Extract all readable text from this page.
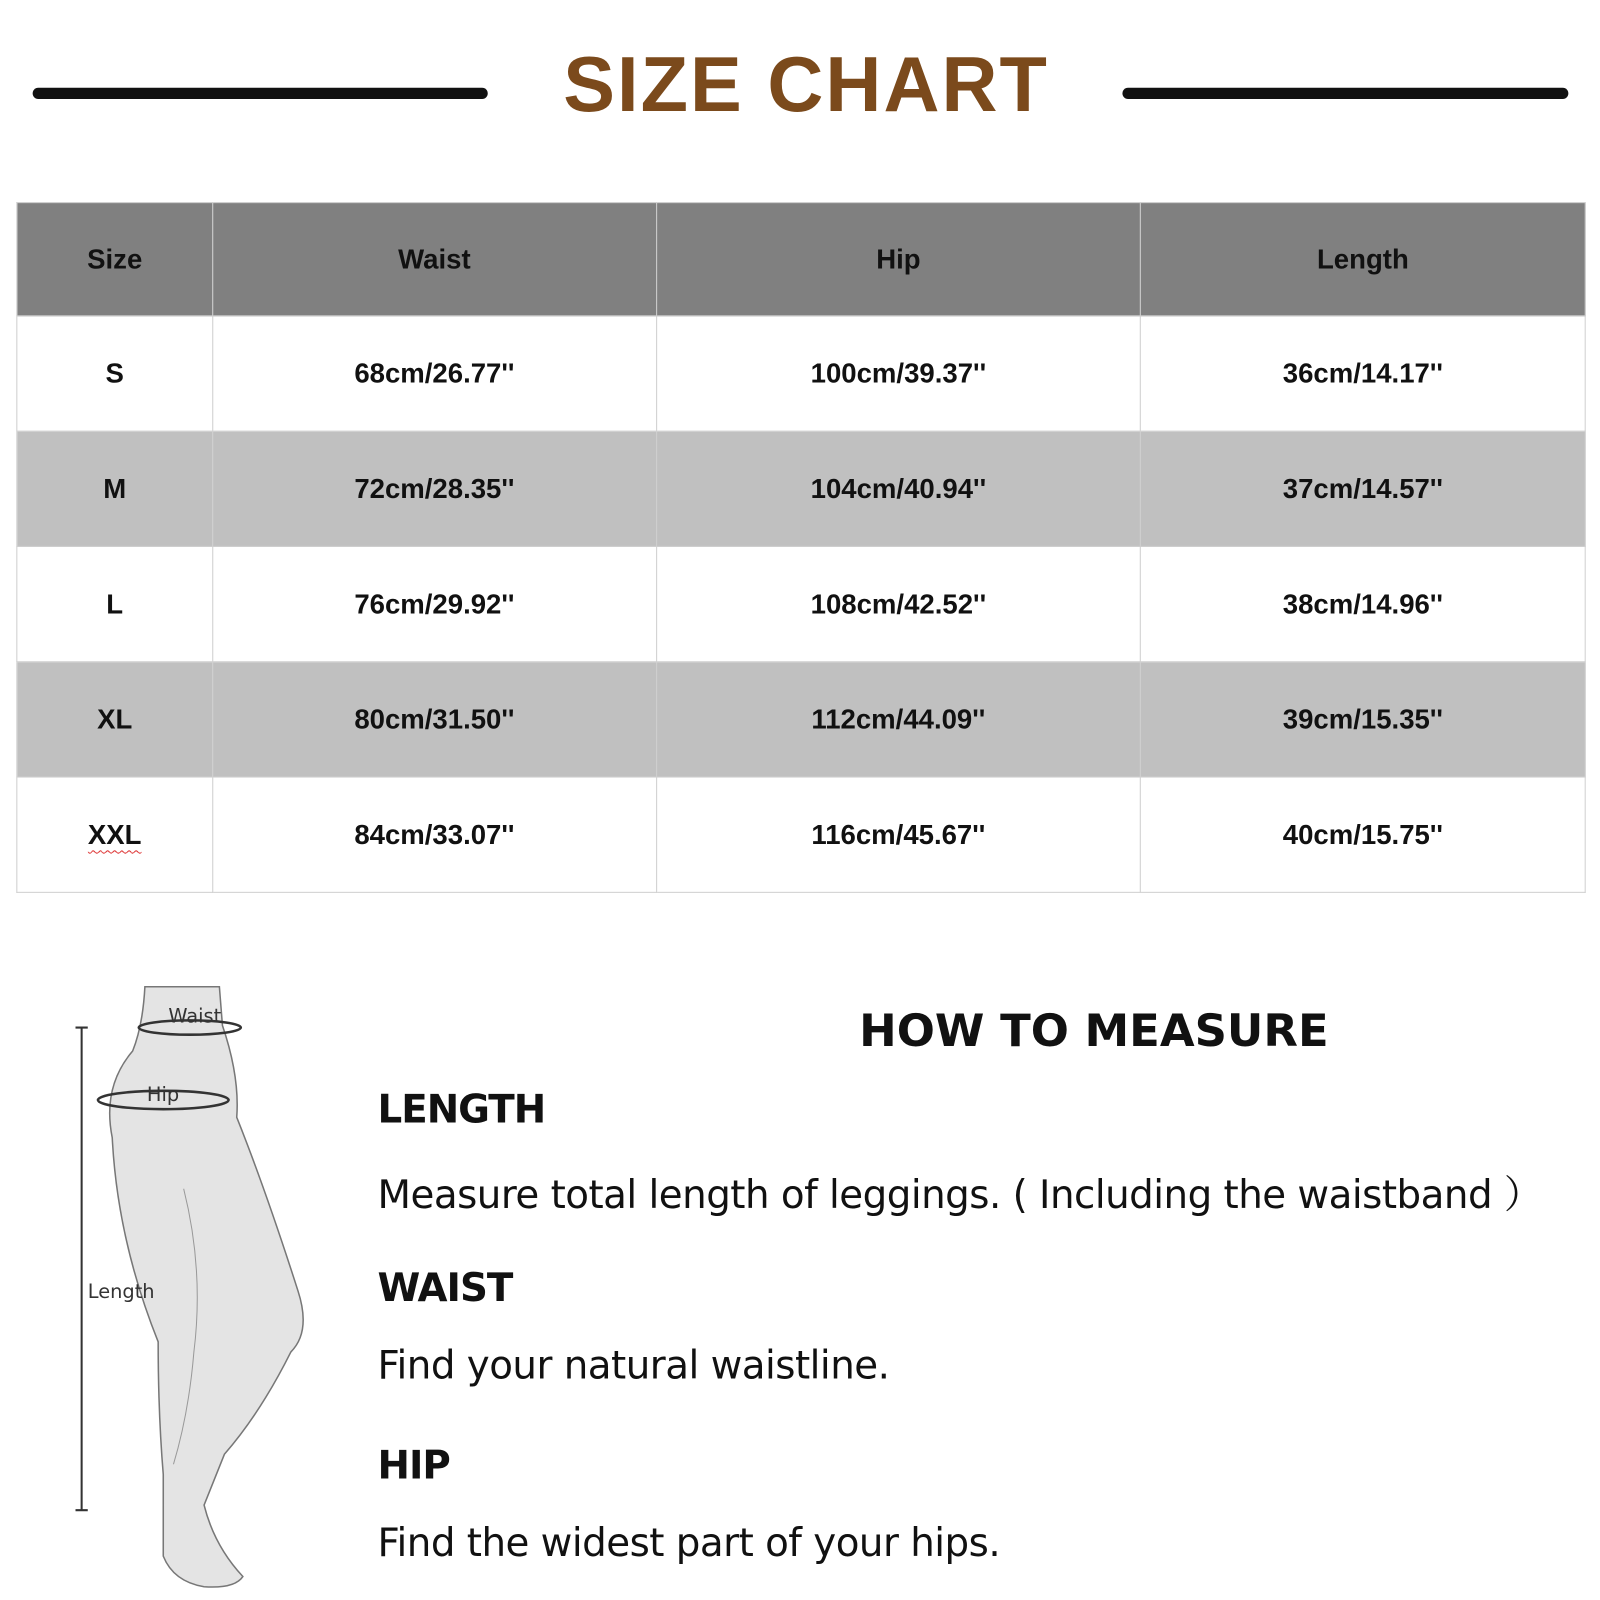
SIZE CHART
Size	Waist	Hip	Length
S	68cm/26.77''	100cm/39.37''	36cm/14.17''
M	72cm/28.35''	104cm/40.94''	37cm/14.57''
L	76cm/29.92''	108cm/42.52''	38cm/14.96''
XL	80cm/31.50''	112cm/44.09''	39cm/15.35''
XXL	84cm/33.07''	116cm/45.67''	40cm/15.75''
Waist
Hip
Length
HOW TO MEASURE
LENGTH
Measure total length of leggings. ( Including the waistband ）
WAIST
Find your natural waistline.
HIP
Find the widest part of your hips.
